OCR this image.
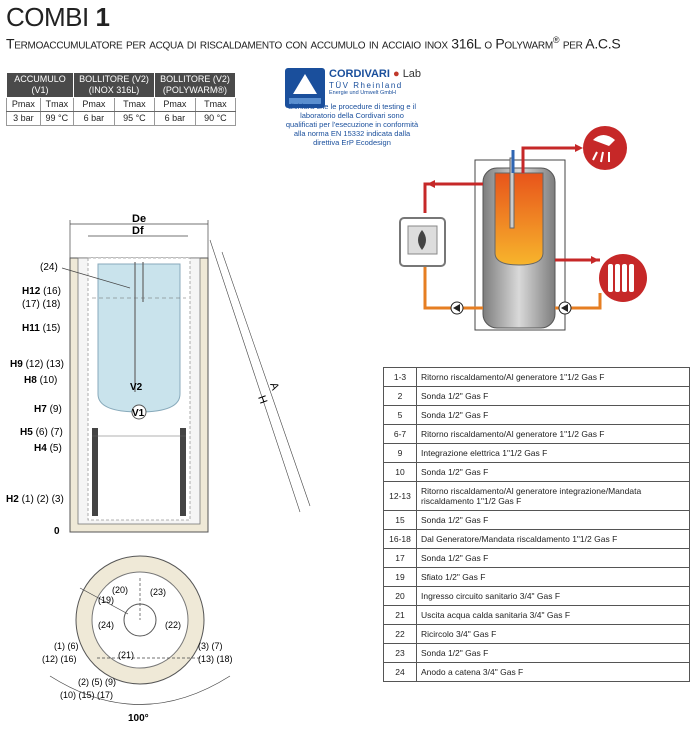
COMBI 1
Termoaccumulatore per acqua di riscaldamento con accumulo in acciaio inox 316L o Polywarm® per A.C.S
ACCUMULO (V1)		BOLLITORE (V2) (INOX 316L)		BOLLITORE (V2) (POLYWARM®)	
Pmax	Tmax	Pmax	Tmax	Pmax	Tmax
3 bar	99 °C	6 bar	95 °C	6 bar	90 °C
CORDIVARI ● Lab
TÜV Rheinland
Energie und Umwelt GmbH
dichiara che le procedure di testing e il laboratorio della Cordivari sono qualificati per l'esecuzione in conformità alla norma EN 15332 indicata dalla direttiva ErP Ecodesign
De
Df
V2
V1
(24)
A
H
H12 (16)
(17) (18)
H11 (15)
H9 (12) (13)
H8 (10)
H7 (9)
H5 (6) (7)
H4 (5)
H2 (1) (2) (3)
0
(19)
(20) (23)
(24)	(22)
(21)
(1) (6)
(12) (16)
(3) (7)
(13) (18)
(2) (5) (9)
(10) (15) (17)
100°
1-3	Ritorno riscaldamento/Al generatore 1"1/2 Gas F
2	Sonda 1/2" Gas F
5	Sonda 1/2" Gas F
6-7	Ritorno riscaldamento/Al generatore 1"1/2 Gas F
9	Integrazione elettrica 1"1/2 Gas F
10	Sonda 1/2" Gas F
12-13	Ritorno riscaldamento/Al generatore integrazione/Mandata riscaldamento 1"1/2 Gas F
15	Sonda 1/2" Gas F
16-18	Dal Generatore/Mandata riscaldamento 1"1/2 Gas F
17	Sonda 1/2" Gas F
19	Sfiato 1/2" Gas F
20	Ingresso circuito sanitario 3/4" Gas F
21	Uscita acqua calda sanitaria 3/4" Gas F
22	Ricircolo 3/4" Gas F
23	Sonda 1/2" Gas F
24	Anodo a catena 3/4" Gas F
